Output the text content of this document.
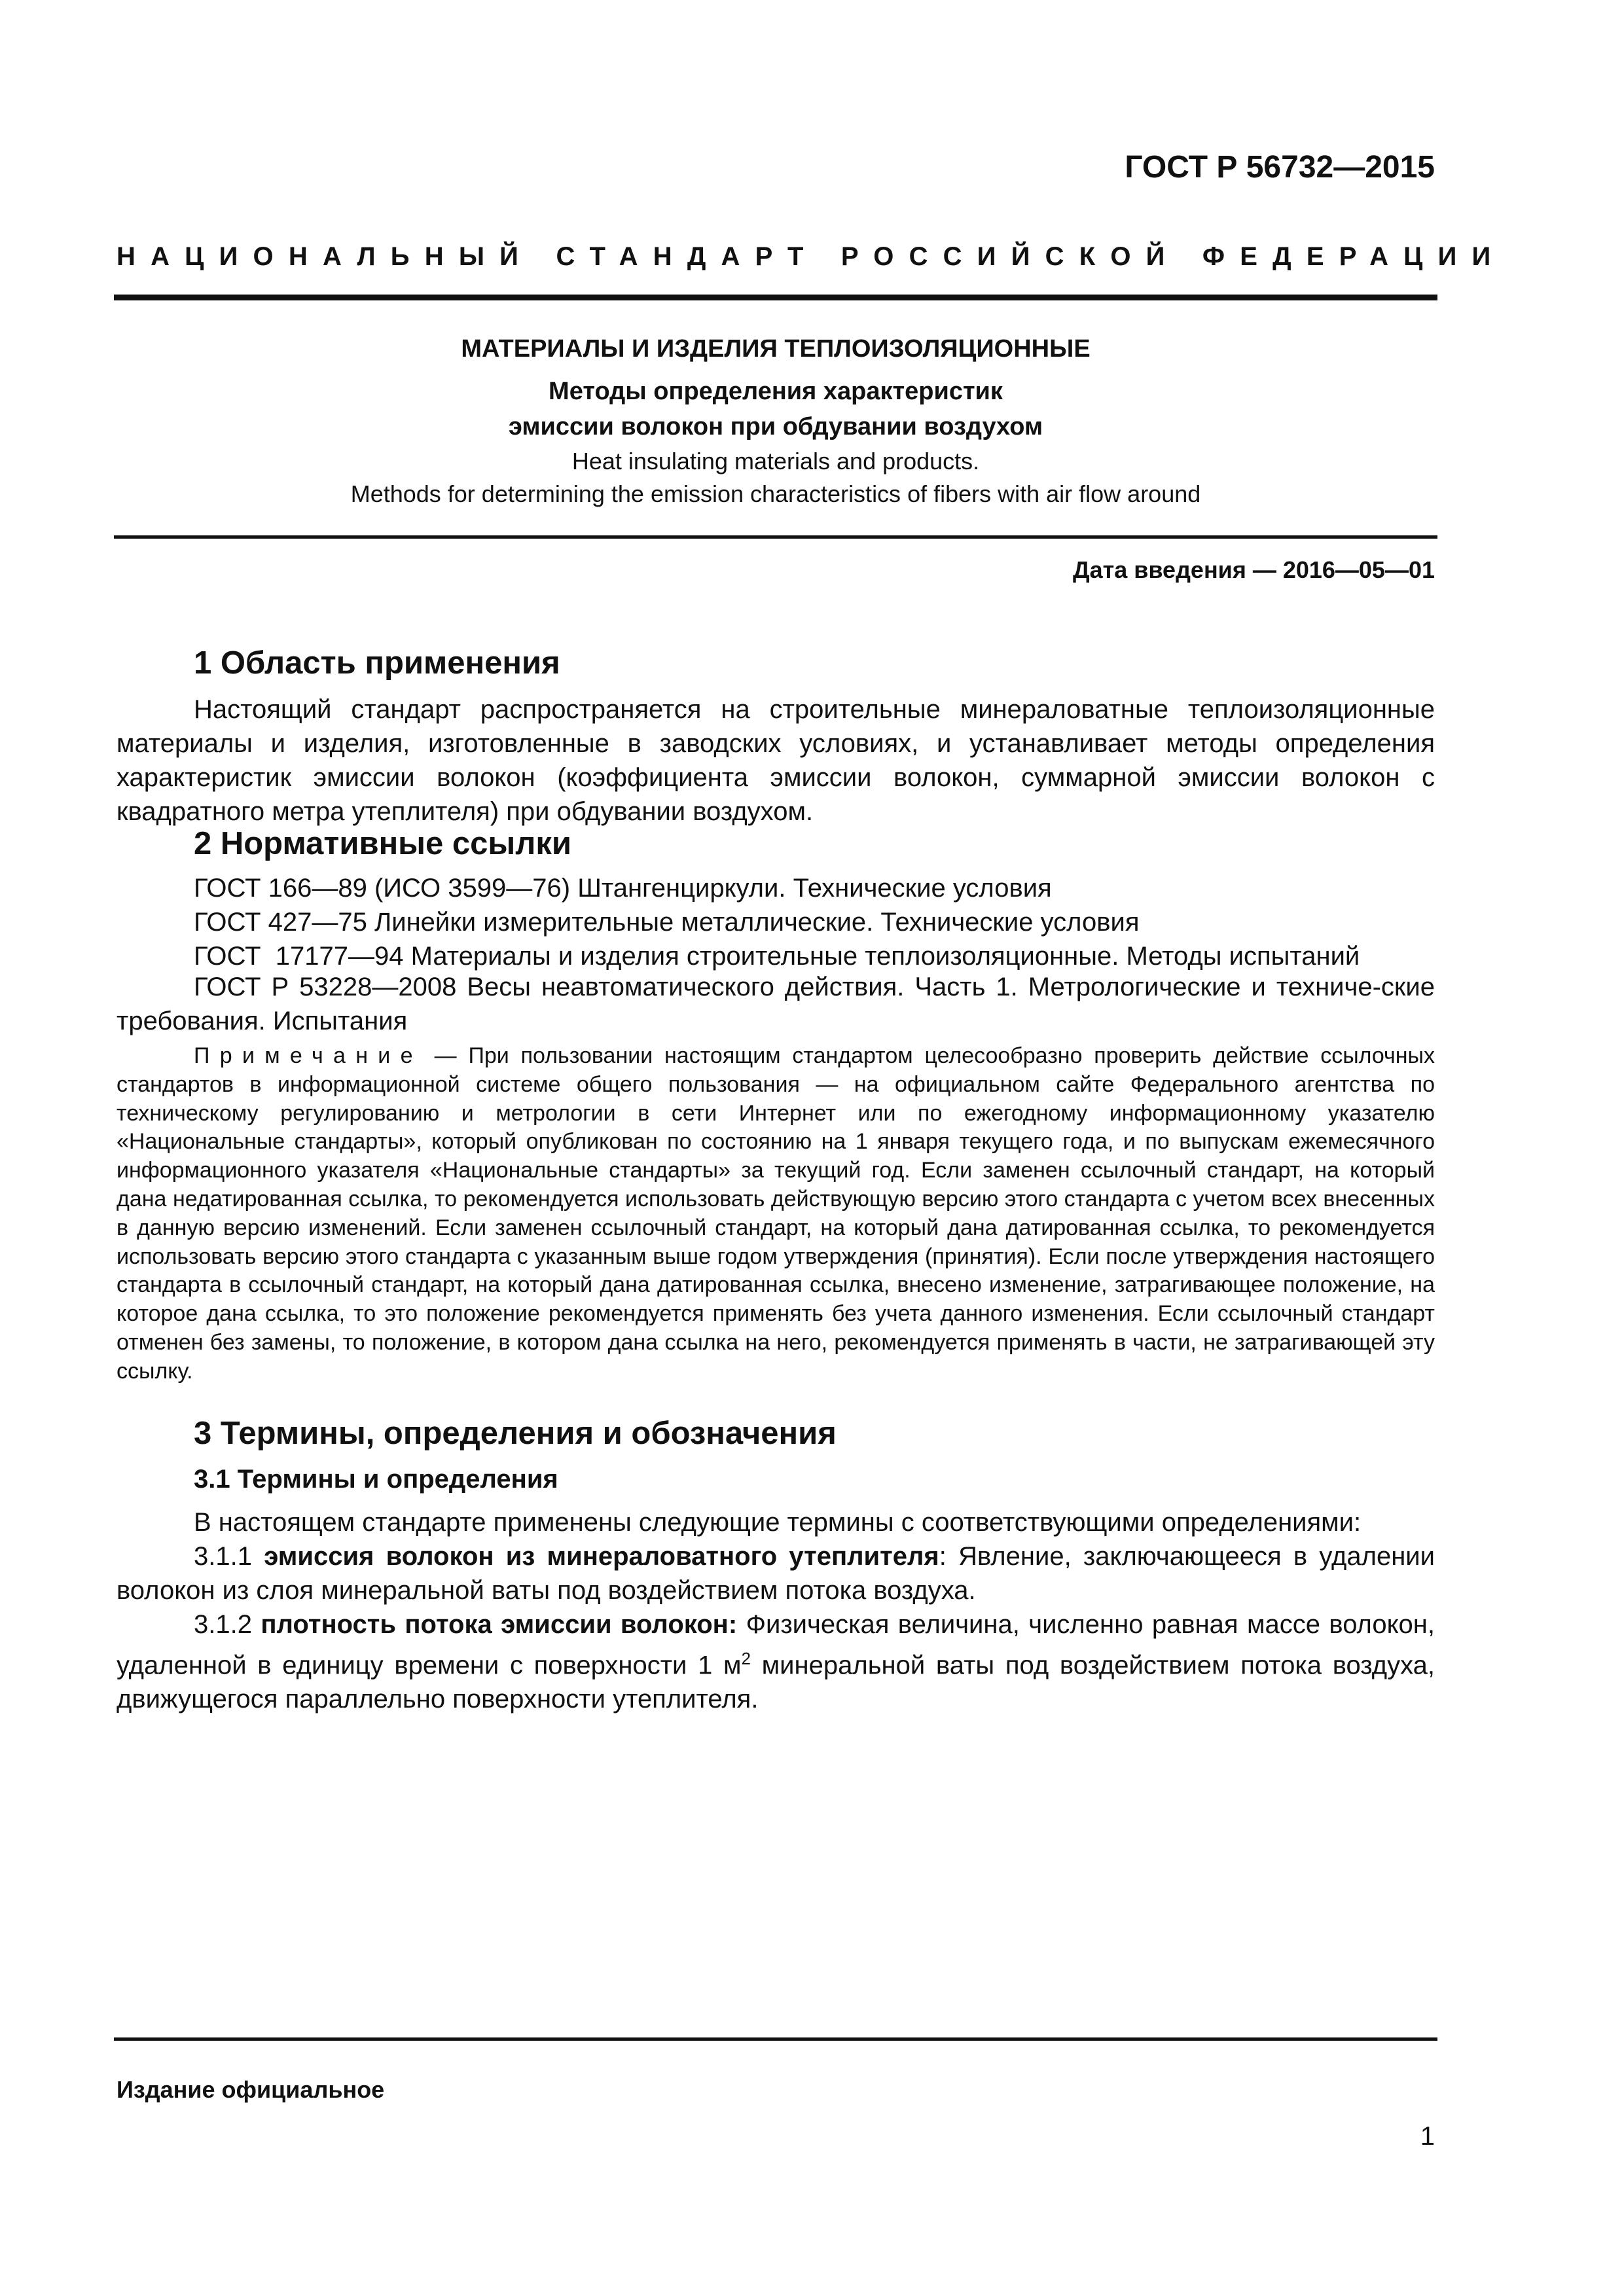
ГОСТ Р 56732—2015
НАЦИОНАЛЬНЫЙ СТАНДАРТ РОССИЙСКОЙ ФЕДЕРАЦИИ
МАТЕРИАЛЫ И ИЗДЕЛИЯ ТЕПЛОИЗОЛЯЦИОННЫЕ
Методы определения характеристик
эмиссии волокон при обдувании воздухом
Heat insulating materials and products.
Methods for determining the emission characteristics of fibers with air flow around
Дата введения — 2016—05—01
1 Область применения
Настоящий стандарт распространяется на строительные минераловатные теплоизоляционные материалы и изделия, изготовленные в заводских условиях, и устанавливает методы определения характеристик эмиссии волокон (коэффициента эмиссии волокон, суммарной эмиссии волокон с квадратного метра утеплителя) при обдувании воздухом.
2 Нормативные ссылки
ГОСТ 166—89 (ИСО 3599—76) Штангенциркули. Технические условия
ГОСТ 427—75 Линейки измерительные металлические. Технические условия
ГОСТ  17177—94 Материалы и изделия строительные теплоизоляционные. Методы испытаний
ГОСТ Р 53228—2008 Весы неавтоматического действия. Часть 1. Метрологические и техниче-ские требования. Испытания
Примечание — При пользовании настоящим стандартом целесообразно проверить действие ссылочных стандартов в информационной системе общего пользования — на официальном сайте Федерального агентства по техническому регулированию и метрологии в сети Интернет или по ежегодному информационному указателю «Национальные стандарты», который опубликован по состоянию на 1 января текущего года, и по выпускам ежемесячного информационного указателя «Национальные стандарты» за текущий год. Если заменен ссылочный стандарт, на который дана недатированная ссылка, то рекомендуется использовать действующую версию этого стандарта с учетом всех внесенных в данную версию изменений. Если заменен ссылочный стандарт, на который дана датированная ссылка, то рекомендуется использовать версию этого стандарта с указанным выше годом утверждения (принятия). Если после утверждения настоящего стандарта в ссылочный стандарт, на который дана датированная ссылка, внесено изменение, затрагивающее положение, на которое дана ссылка, то это положение рекомендуется применять без учета данного изменения. Если ссылочный стандарт отменен без замены, то положение, в котором дана ссылка на него, рекомендуется применять в части, не затрагивающей эту ссылку.
3 Термины, определения и обозначения
3.1 Термины и определения
В настоящем стандарте применены следующие термины с соответствующими определениями:
3.1.1 эмиссия волокон из минераловатного утеплителя: Явление, заключающееся в удалении волокон из слоя минеральной ваты под воздействием потока воздуха.
3.1.2 плотность потока эмиссии волокон: Физическая величина, численно равная массе волокон, удаленной в единицу времени с поверхности 1 $м^2$ минеральной ваты под воздействием потока воздуха, движущегося параллельно поверхности утеплителя.
Издание официальное
1
